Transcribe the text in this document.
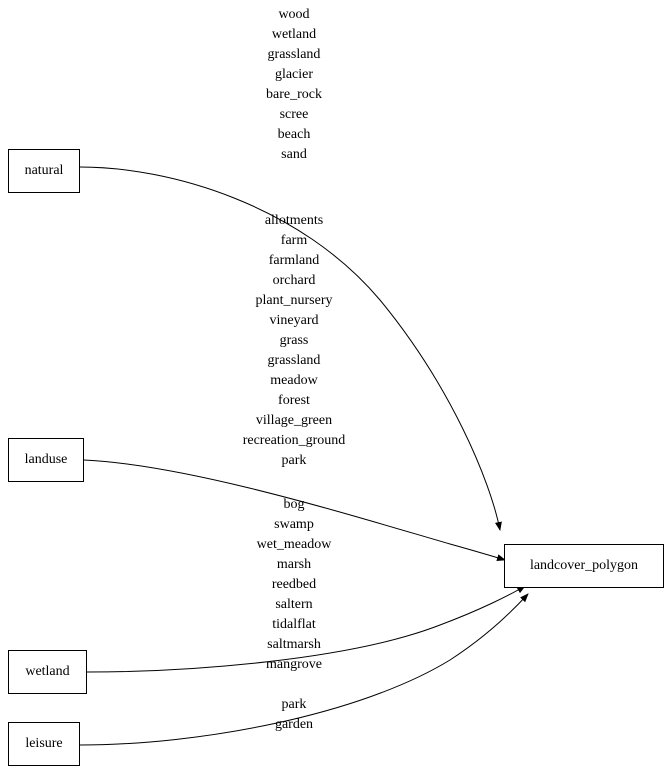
natural
landuse
wetland
leisure
landcover_polygon
wood
wetland
grassland
glacier
bare_rock
scree
beach
sand
allotments
farm
farmland
orchard
plant_nursery
vineyard
grass
grassland
meadow
forest
village_green
recreation_ground
park
bog
swamp
wet_meadow
marsh
reedbed
saltern
tidalflat
saltmarsh
mangrove
park
garden
